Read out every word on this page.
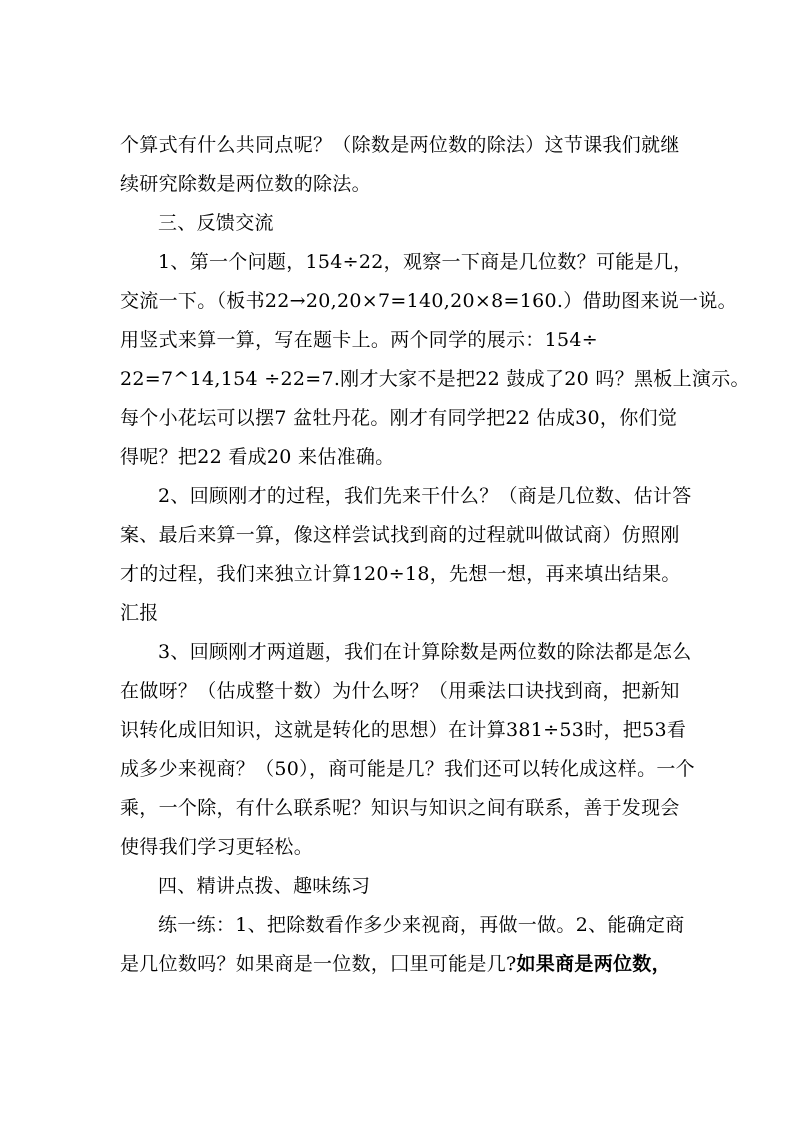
个算式有什么共同点呢？（除数是两位数的除法）这节课我们就继
续研究除数是两位数的除法。
三、反馈交流
1、第一个问题，154÷22，观察一下商是几位数？可能是几，
交流一下。（板书22→20,20×7=140,20×8=160.）借助图来说一说。
用竖式来算一算，写在题卡上。两个同学的展示：154÷
22=7^14,154 ÷22=7.刚才大家不是把22 鼓成了20 吗？黑板上演示。
每个小花坛可以摆7 盆牡丹花。刚才有同学把22 估成30，你们觉
得呢？把22 看成20 来估准确。
2、回顾刚才的过程，我们先来干什么？（商是几位数、估计答
案、最后来算一算，像这样尝试找到商的过程就叫做试商）仿照刚
才的过程，我们来独立计算120÷18，先想一想，再来填出结果。
汇报
3、回顾刚才两道题，我们在计算除数是两位数的除法都是怎么
在做呀？（估成整十数）为什么呀？（用乘法口诀找到商，把新知
识转化成旧知识，这就是转化的思想）在计算381÷53时，把53看
成多少来视商？（50），商可能是几？我们还可以转化成这样。一个
乘，一个除，有什么联系呢？知识与知识之间有联系，善于发现会
使得我们学习更轻松。
四、精讲点拨、趣味练习
练一练：1、把除数看作多少来视商，再做一做。2、能确定商
是几位数吗？如果商是一位数，囗里可能是几?如果商是两位数，
